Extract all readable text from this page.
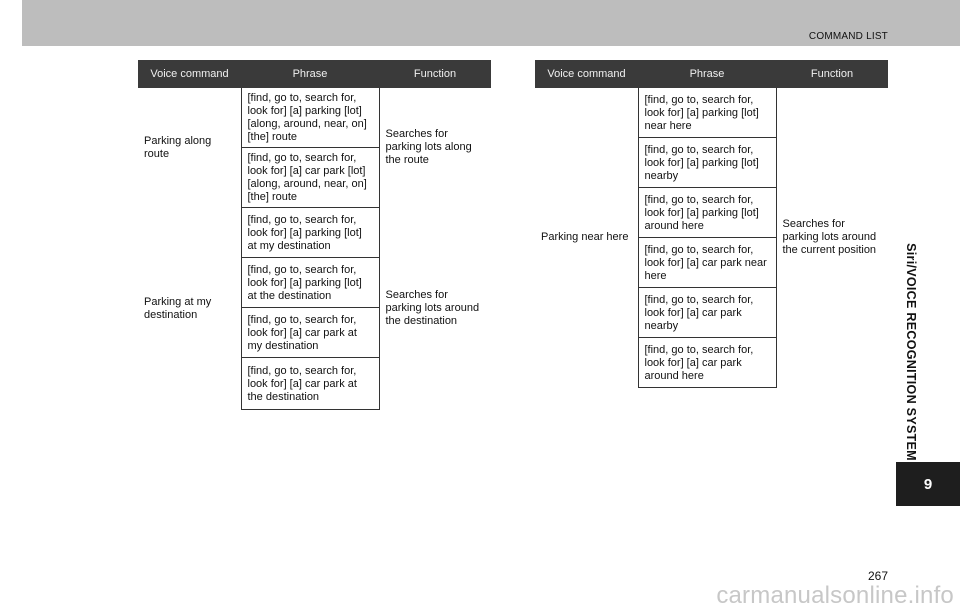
COMMAND LIST
Voice command	Phrase	Function
Parking along route	[find, go to, search for, look for] [a] parking [lot] [along, around, near, on] [the] route	Searches for parking lots along the route
	[find, go to, search for, look for] [a] car park [lot] [along, around, near, on] [the] route	
Parking at my destination	[find, go to, search for, look for] [a] parking [lot] at my destination	Searches for parking lots around the destination
	[find, go to, search for, look for] [a] parking [lot] at the destination	
	[find, go to, search for, look for] [a] car park at my destination	
	[find, go to, search for, look for] [a] car park at the destination	
Voice command	Phrase	Function
Parking near here	[find, go to, search for, look for] [a] parking [lot] near here	Searches for parking lots around the current position
	[find, go to, search for, look for] [a] parking [lot] nearby	
	[find, go to, search for, look for] [a] parking [lot] around here	
	[find, go to, search for, look for] [a] car park near here	
	[find, go to, search for, look for] [a] car park nearby	
	[find, go to, search for, look for] [a] car park around here		Siri/VOICE RECOGNITION SYSTEM
9
267
carmanualsonline.info
